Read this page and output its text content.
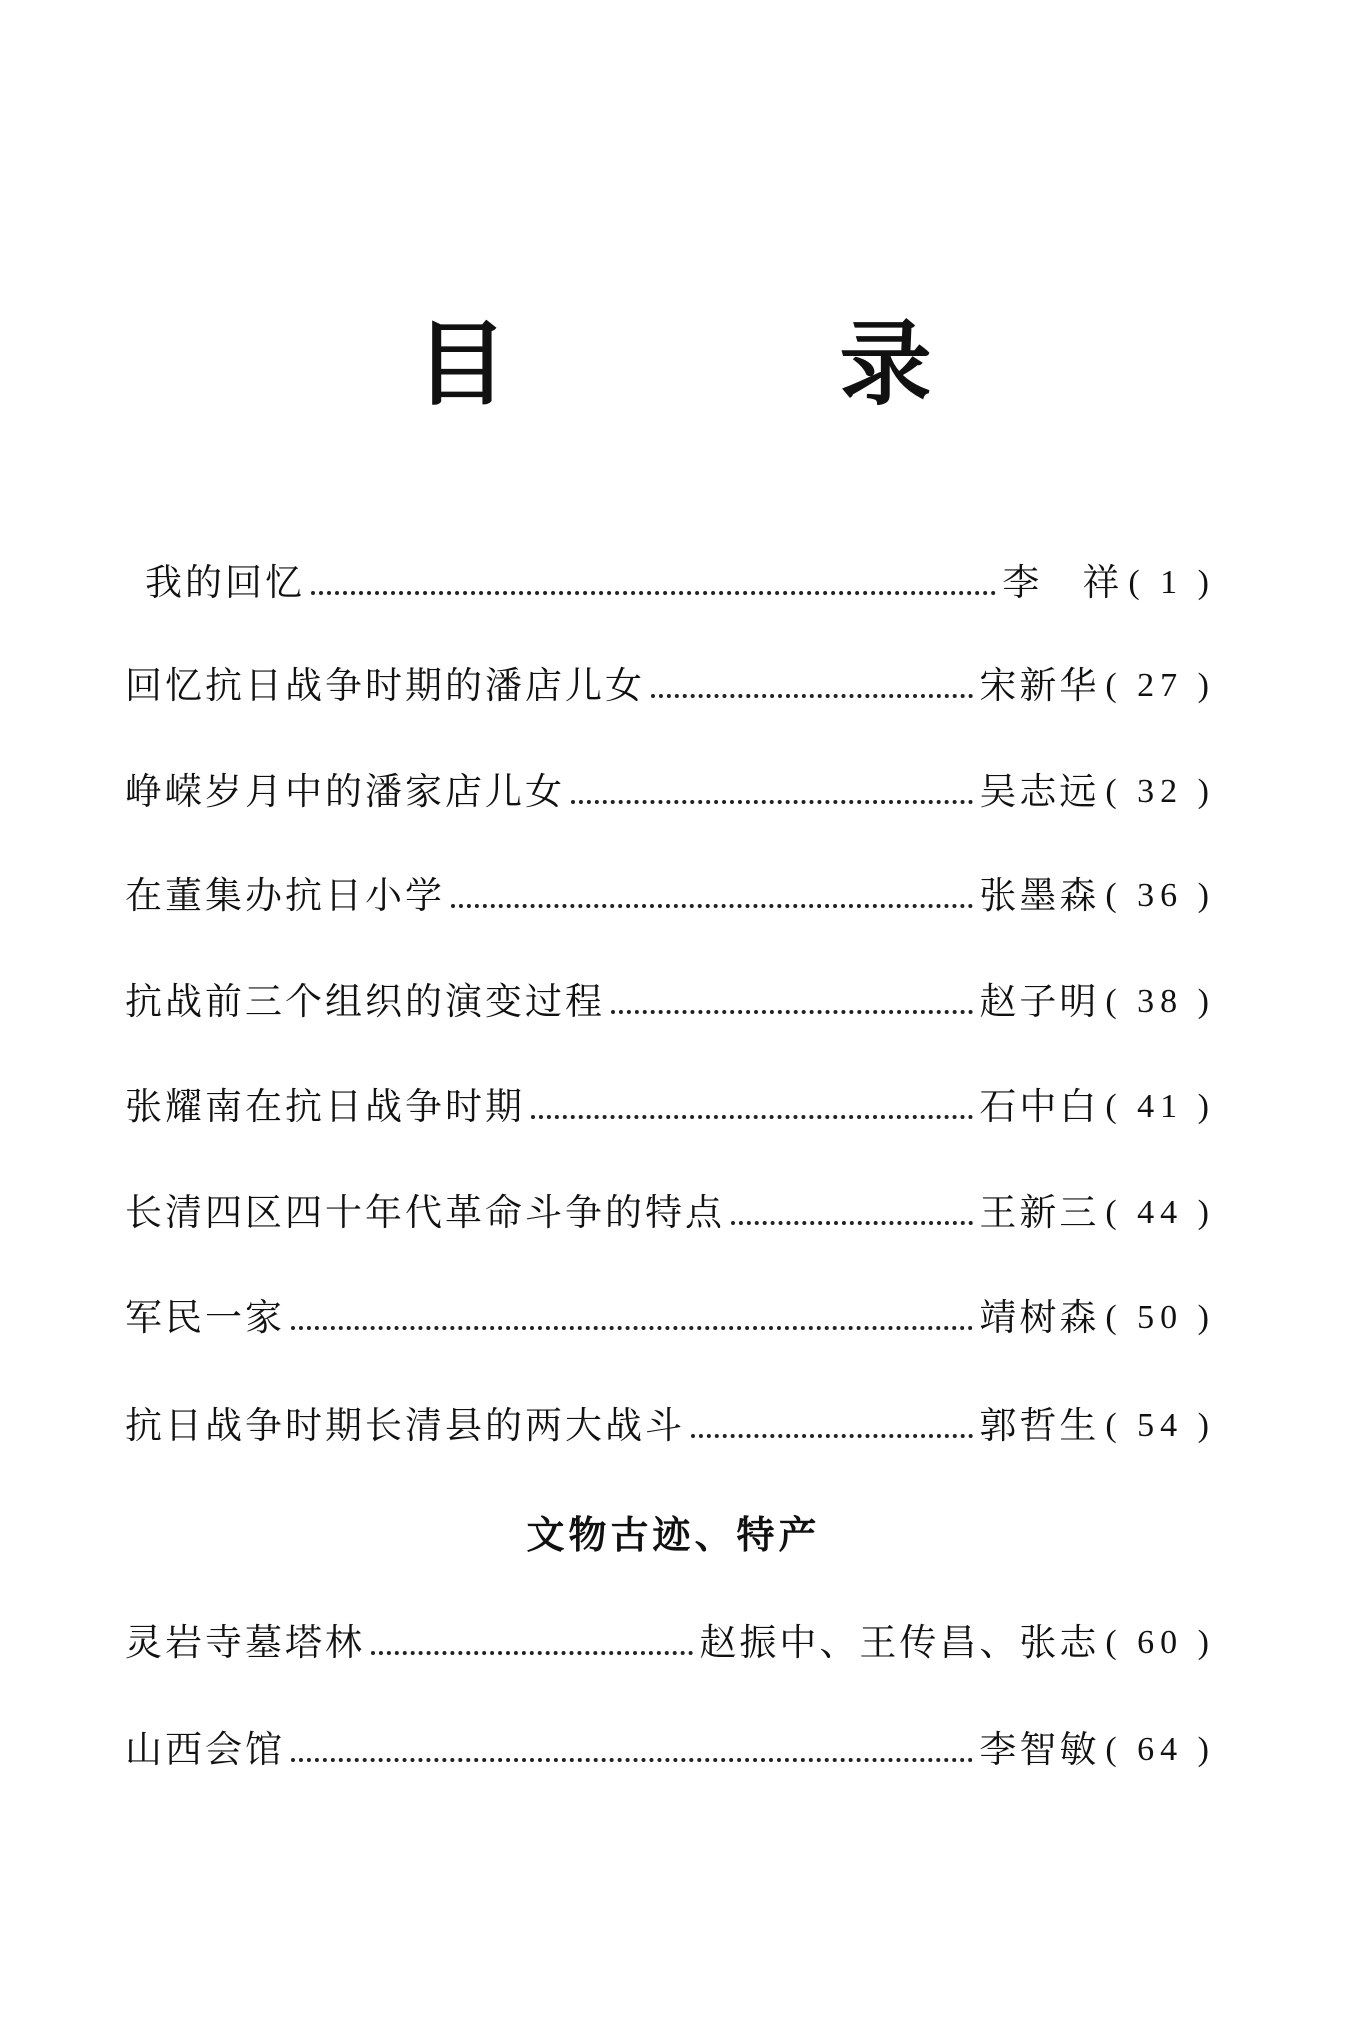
目 录
我的回忆	李　祥 ( 1 )
回忆抗日战争时期的潘店儿女	宋新华 ( 27 )
峥嵘岁月中的潘家店儿女	吴志远 ( 32 )
在董集办抗日小学	张墨森 ( 36 )
抗战前三个组织的演变过程	赵子明 ( 38 )
张耀南在抗日战争时期	石中白 ( 41 )
长清四区四十年代革命斗争的特点	王新三 ( 44 )
军民一家	靖树森 ( 50 )
抗日战争时期长清县的两大战斗	郭哲生 ( 54 )
文物古迹、特产
灵岩寺墓塔林	赵振中、王传昌、张志 ( 60 )
山西会馆	李智敏 ( 64 )
